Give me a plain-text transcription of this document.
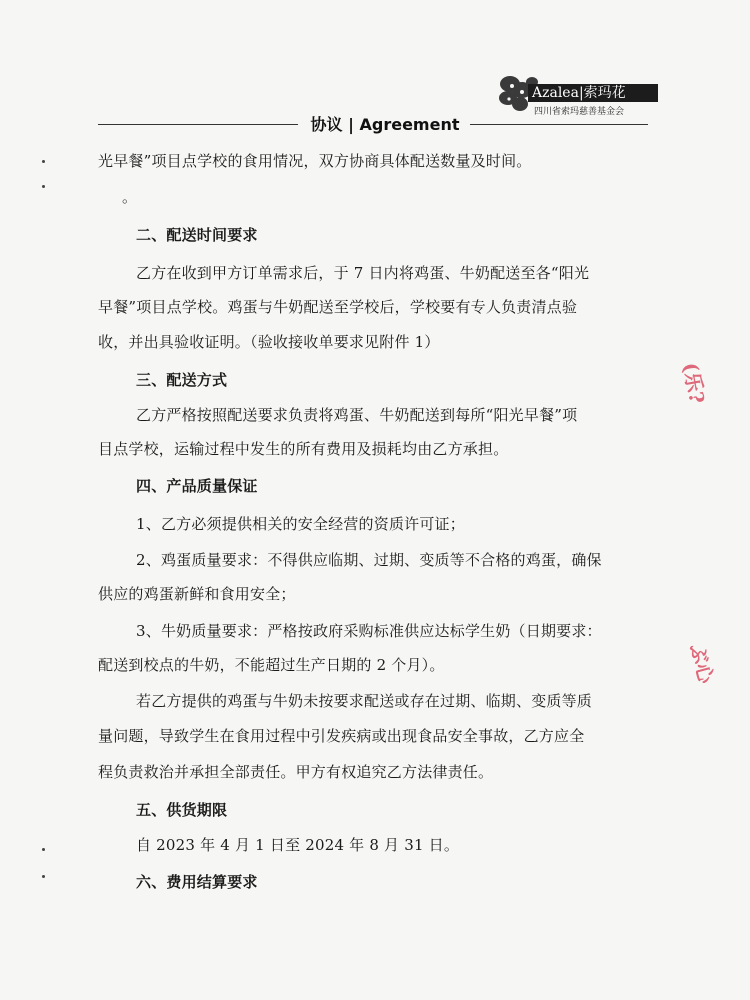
Azalea|索玛花
四川省索玛慈善基金会
协议 | Agreement
光早餐”项目点学校的食用情况，双方协商具体配送数量及时间。
。
二、配送时间要求
乙方在收到甲方订单需求后，于 7 日内将鸡蛋、牛奶配送至各“阳光
早餐”项目点学校。鸡蛋与牛奶配送至学校后，学校要有专人负责清点验
收，并出具验收证明。（验收接收单要求见附件 1）
三、配送方式
乙方严格按照配送要求负责将鸡蛋、牛奶配送到每所“阳光早餐”项
目点学校，运输过程中发生的所有费用及损耗均由乙方承担。
四、产品质量保证
1、乙方必须提供相关的安全经营的资质许可证；
2、鸡蛋质量要求：不得供应临期、过期、变质等不合格的鸡蛋，确保
供应的鸡蛋新鲜和食用安全；
3、牛奶质量要求：严格按政府采购标准供应达标学生奶（日期要求：
配送到校点的牛奶，不能超过生产日期的 2 个月）。
若乙方提供的鸡蛋与牛奶未按要求配送或存在过期、临期、变质等质
量问题，导致学生在食用过程中引发疾病或出现食品安全事故，乙方应全
程负责救治并承担全部责任。甲方有权追究乙方法律责任。
五、供货期限
自 2023 年 4 月 1 日至 2024 年 8 月 31 日。
六、费用结算要求
(乐?
ぶ心
